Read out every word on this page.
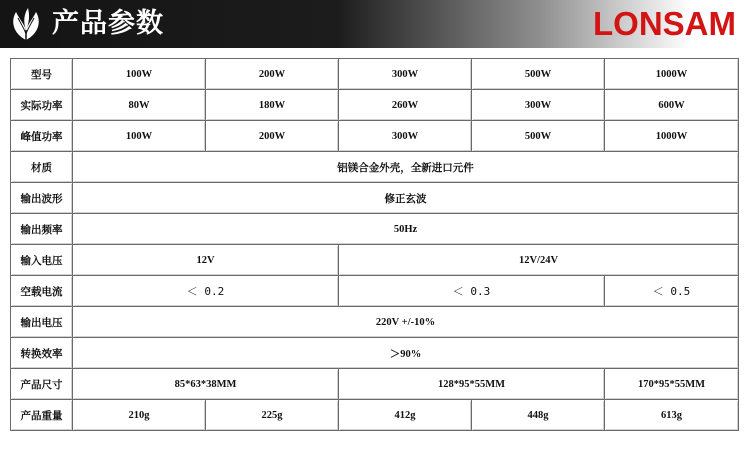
产品参数	LONSAM
型号	100W	200W	300W	500W	1000W
实际功率	80W	180W	260W	300W	600W
峰值功率	100W	200W	300W	500W	1000W
材质	铝镁合金外壳，全新进口元件				
输出波形	修正玄波				
输出频率	50Hz				
输入电压	12V		12V/24V		
空载电流	＜ 0.2		＜ 0.3		＜ 0.5
输出电压	220V +/-10%				
转换效率	＞90%				
产品尺寸	85*63*38MM		128*95*55MM		170*95*55MM
产品重量	210g	225g	412g	448g	613g
